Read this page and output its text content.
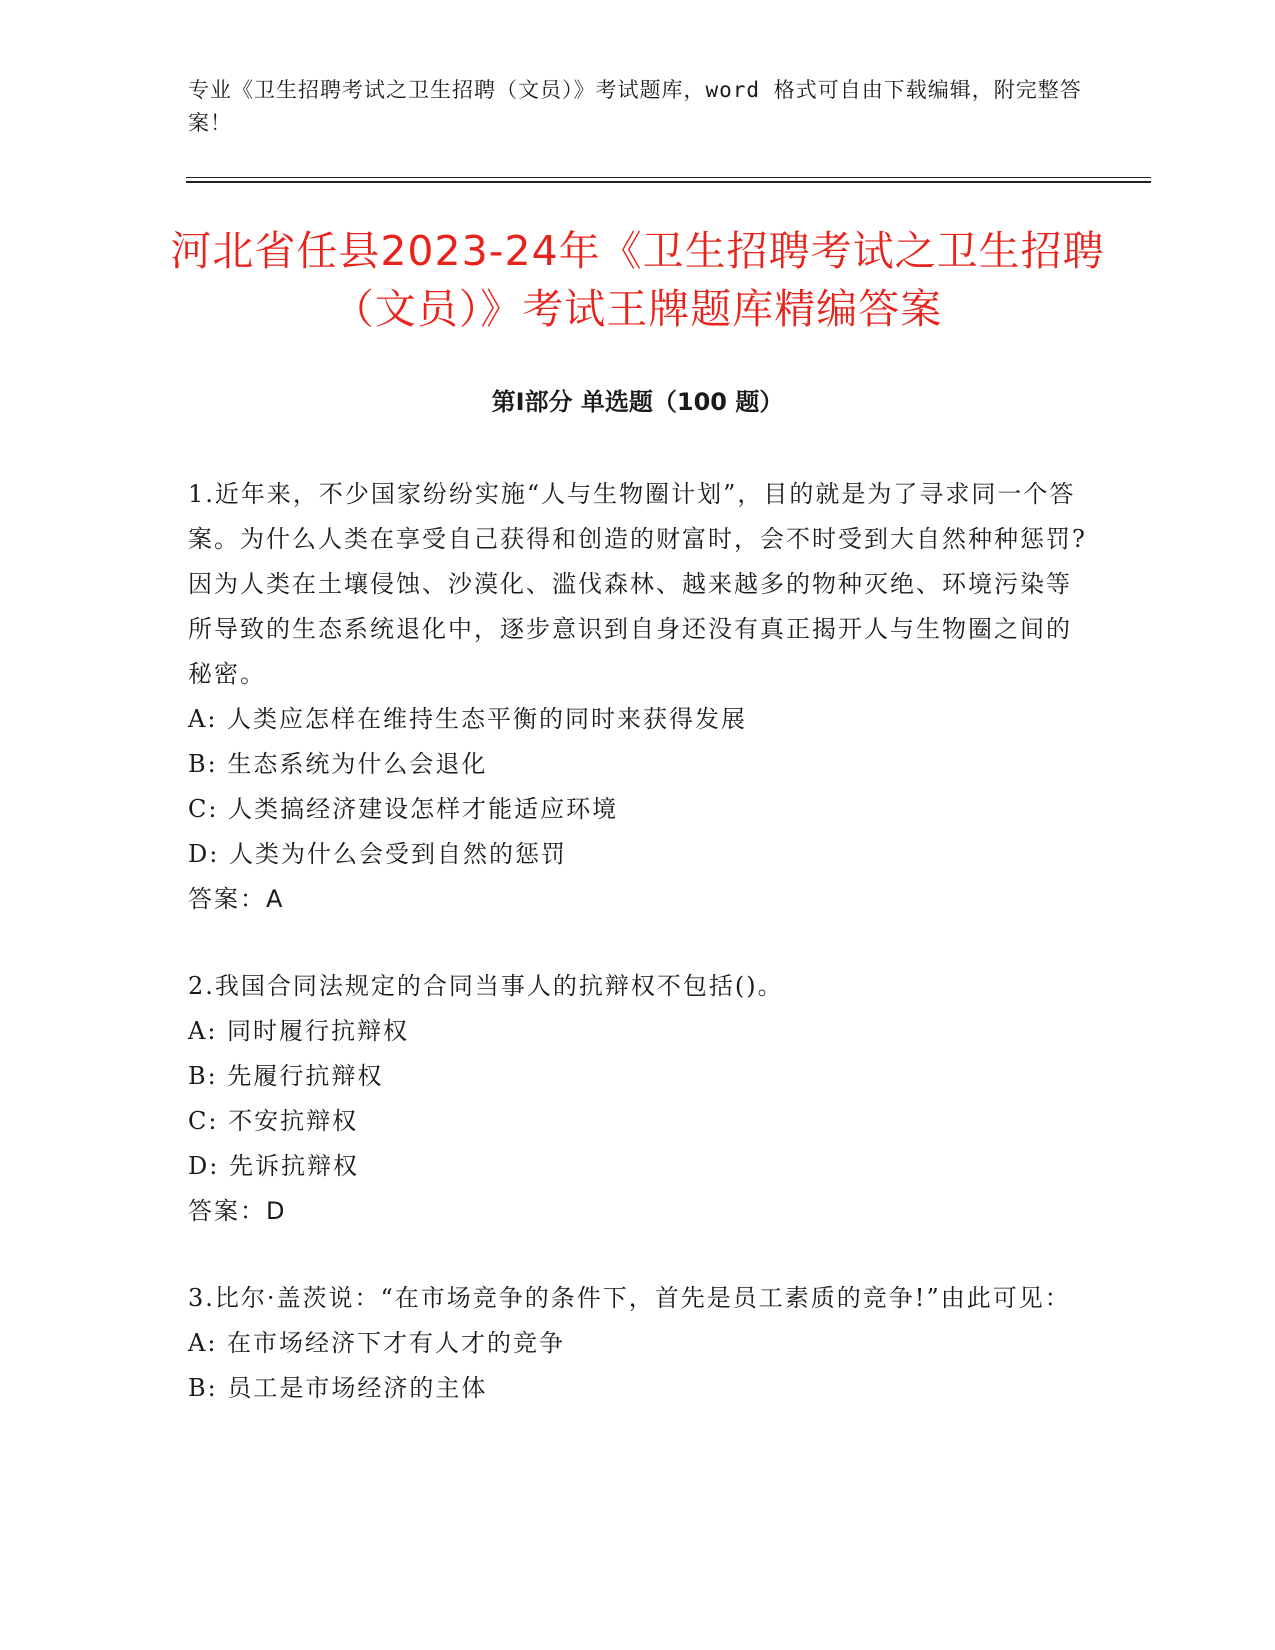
专业《卫生招聘考试之卫生招聘（文员）》考试题库，word 格式可自由下载编辑，附完整答案！
河北省任县2023-24年《卫生招聘考试之卫生招聘（文员）》考试王牌题库精编答案
第Ⅰ部分 单选题（100 题）
1.近年来，不少国家纷纷实施“人与生物圈计划”，目的就是为了寻求同一个答案。为什么人类在享受自己获得和创造的财富时，会不时受到大自然种种惩罚?因为人类在土壤侵蚀、沙漠化、滥伐森林、越来越多的物种灭绝、环境污染等所导致的生态系统退化中，逐步意识到自身还没有真正揭开人与生物圈之间的秘密。
A: 人类应怎样在维持生态平衡的同时来获得发展
B: 生态系统为什么会退化
C: 人类搞经济建设怎样才能适应环境
D: 人类为什么会受到自然的惩罚
答案：A
2.我国合同法规定的合同当事人的抗辩权不包括()。
A: 同时履行抗辩权
B: 先履行抗辩权
C: 不安抗辩权
D: 先诉抗辩权
答案：D
3.比尔·盖茨说：“在市场竞争的条件下，首先是员工素质的竞争!”由此可见：
A: 在市场经济下才有人才的竞争
B: 员工是市场经济的主体
